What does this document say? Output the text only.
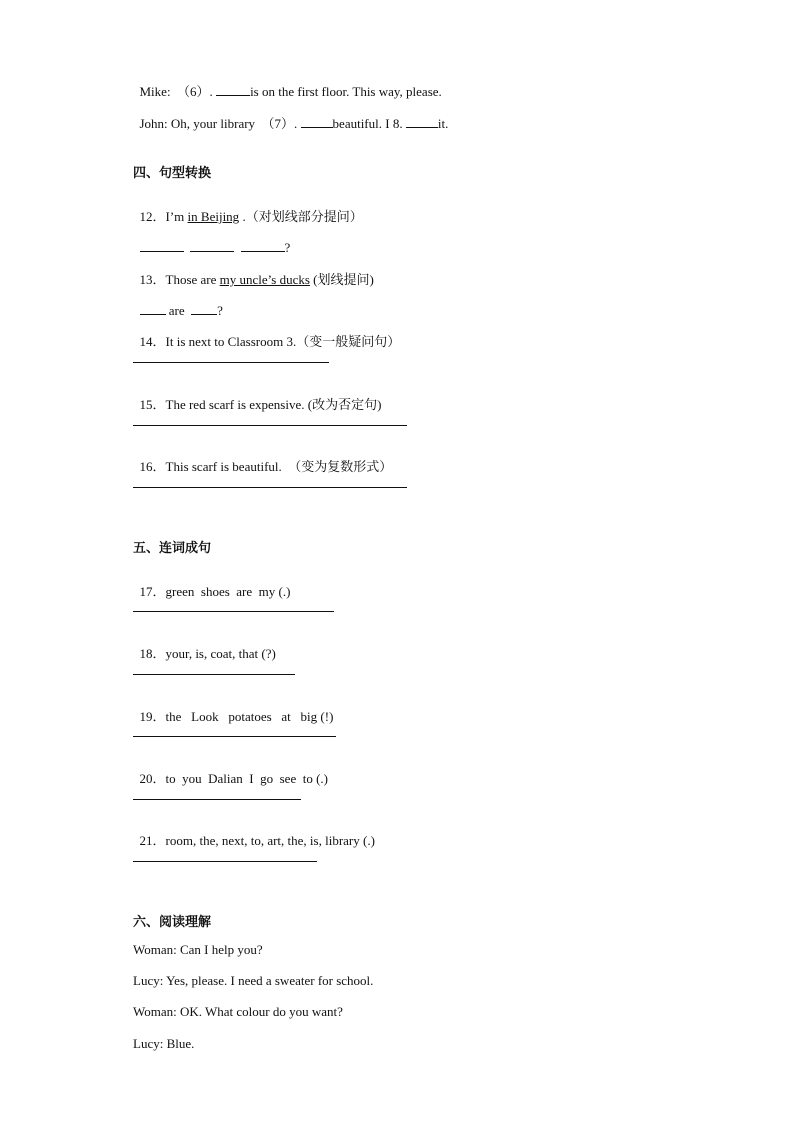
Mike:  （6）.	is on the first floor. This way, please.

John: Oh, your library  （7）. beautiful. I 8. it.

四、句型转换

12．I’m in Beijing .（对划线部分提问）

?

13．Those are my uncle’s ducks (划线提问)

are  ?

14．It is next to Classroom 3.（变一般疑问句）

15．The red scarf is expensive. (改为否定句)

16．This scarf is beautiful.  （变为复数形式）

五、连词成句

17．green  shoes  are  my (.)

18．your, is, coat, that (?)

19．the   Look   potatoes   at   big (!)

20．to  you  Dalian  I  go  see  to (.)

21．room, the, next, to, art, the, is, library (.)

六、阅读理解
Woman: Can I help you?
Lucy: Yes, please. I need a sweater for school.
Woman: OK. What colour do you want?
Lucy: Blue.
